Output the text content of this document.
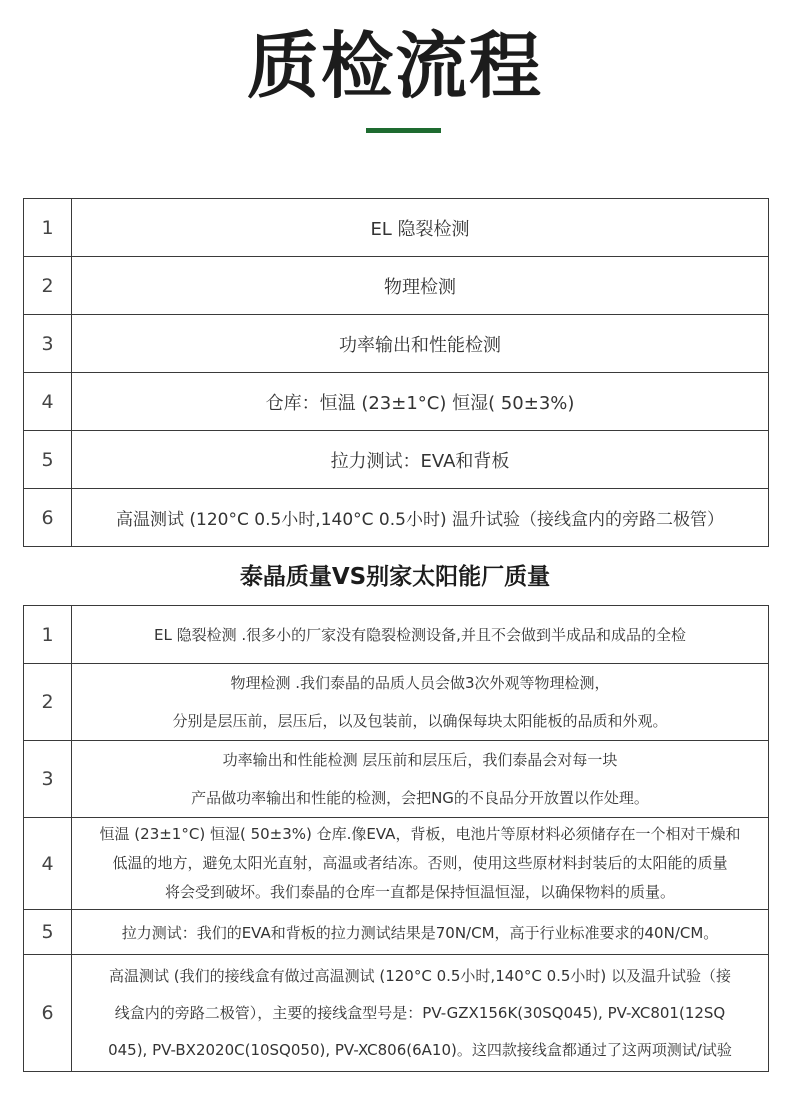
质检流程
1	EL 隐裂检测
2	物理检测
3	功率输出和性能检测
4	仓库：恒温 (23±1°C) 恒湿( 50±3%)
5	拉力测试：EVA和背板
6	高温测试 (120°C 0.5小时,140°C 0.5小时) 温升试验（接线盒内的旁路二极管）
泰晶质量VS别家太阳能厂质量
1	EL 隐裂检测 .很多小的厂家没有隐裂检测设备,并且不会做到半成品和成品的全检

2	物理检测 .我们泰晶的品质人员会做3次外观等物理检测，
分别是层压前，层压后，以及包装前，以确保每块太阳能板的品质和外观。

3	功率输出和性能检测 层压前和层压后，我们泰晶会对每一块
产品做功率输出和性能的检测，会把NG的不良品分开放置以作处理。

4	恒温 (23±1°C) 恒湿( 50±3%) 仓库.像EVA，背板，电池片等原材料必须储存在一个相对干燥和
低温的地方，避免太阳光直射，高温或者结冻。否则，使用这些原材料封装后的太阳能的质量
将会受到破坏。我们泰晶的仓库一直都是保持恒温恒湿，以确保物料的质量。

5	拉力测试：我们的EVA和背板的拉力测试结果是70N/CM，高于行业标准要求的40N/CM。

6	高温测试 (我们的接线盒有做过高温测试 (120°C 0.5小时,140°C 0.5小时) 以及温升试验（接
线盒内的旁路二极管），主要的接线盒型号是：PV-GZX156K(30SQ045), PV-XC801(12SQ
045), PV-BX2020C(10SQ050), PV-XC806(6A10)。这四款接线盒都通过了这两项测试/试验
